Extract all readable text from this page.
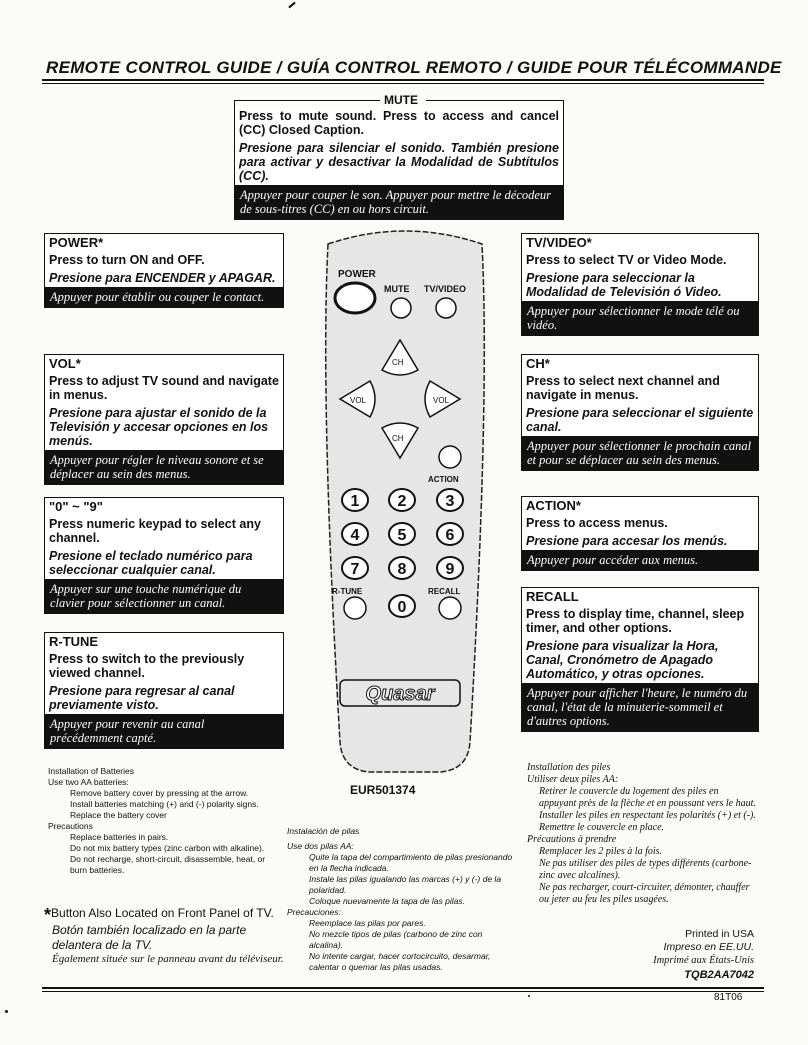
REMOTE CONTROL GUIDE / GUÍA CONTROL REMOTO / GUIDE POUR TÉLÉCOMMANDE
MUTE
Press to mute sound. Press to access and cancel (CC) Closed Caption.
Presione para silenciar el sonido. También presione para activar y desactivar la Modalidad de Subtítulos (CC).
Appuyer pour couper le son. Appuyer pour mettre le décodeur de sous-titres (CC) en ou hors circuit.
POWER*
Press to turn ON and OFF.
Presione para ENCENDER y APAGAR.
Appuyer pour établir ou couper le contact.
VOL*
Press to adjust TV sound and navigate in menus.
Presione para ajustar el sonido de la Televisión y accesar opciones en los menús.
Appuyer pour régler le niveau sonore et se déplacer au sein des menus.
"0" ~ "9"
Press numeric keypad to select any channel.
Presione el teclado numérico para seleccionar cualquier canal.
Appuyer sur une touche numérique du clavier pour sélectionner un canal.
R-TUNE
Press to switch to the previously viewed channel.
Presione para regresar al canal previamente visto.
Appuyer pour revenir au canal précédemment capté.
TV/VIDEO*
Press to select TV or Video Mode.
Presione para seleccionar la Modalidad de Televisión ó Video.
Appuyer pour sélectionner le mode télé ou vidéo.
CH*
Press to select next channel and navigate in menus.
Presione para seleccionar el siguiente canal.
Appuyer pour sélectionner le prochain canal et pour se déplacer au sein des menus.
ACTION*
Press to access menus.
Presione para accesar los menús.
Appuyer pour accéder aux menus.
RECALL
Press to display time, channel, sleep timer, and other options.
Presione para visualizar la Hora, Canal, Cronómetro de Apagado Automático, y otras opciones.
Appuyer pour afficher l'heure, le numéro du canal, l'état de la minuterie-sommeil et d'autres options.
POWER
MUTE TV/VIDEO
CH
CH
VOL	VOL
ACTION
1 2 3
4 5 6
7 8 9
0
R-TUNE	RECALL
Quasar
EUR501374
Installation of Batteries
Use two AA batteries:
Remove battery cover by pressing at the arrow.
Install batteries matching (+) and (-) polarity signs.
Replace the battery cover
Precautions
Replace batteries in pairs.
Do not mix battery types (zinc carbon with alkaline).
Do not recharge, short-circuit, disassemble, heat, or burn batteries.
Instalación de pilas
Use dos pilas AA:
Quite la tapa del compartimiento de pilas presionando en la flecha indicada.
Instale las pilas igualando las marcas (+) y (-) de la polaridad.
Coloque nuevamente la tapa de las pilas.
Precauciones:
Reemplace las pilas por pares.
No mezcle tipos de pilas (carbono de zinc con alcalina).
No intente cargar, hacer cortocircuito, desarmar, calentar o quemar las pilas usadas.
Installation des piles
Utiliser deux piles AA:
Retirer le couvercle du logement des piles en appuyant près de la flèche et en poussant vers le haut.
Installer les piles en respectant les polarités (+) et (-).
Remettre le couvercle en place.
Précautions à prendre
Remplacer les 2 piles à la fois.
Ne pas utiliser des piles de types différents (carbone-zinc avec alcalines).
Ne pas recharger, court-circuiter, démonter, chauffer ou jeter au feu les piles usagées.
*Button Also Located on Front Panel of TV.
Botón también localizado en la parte delantera de la TV.
Également située sur le panneau avant du téléviseur.
Printed in USA
Impreso en EE.UU.
Imprimé aux États-Unis
TQB2AA7042
81T06
